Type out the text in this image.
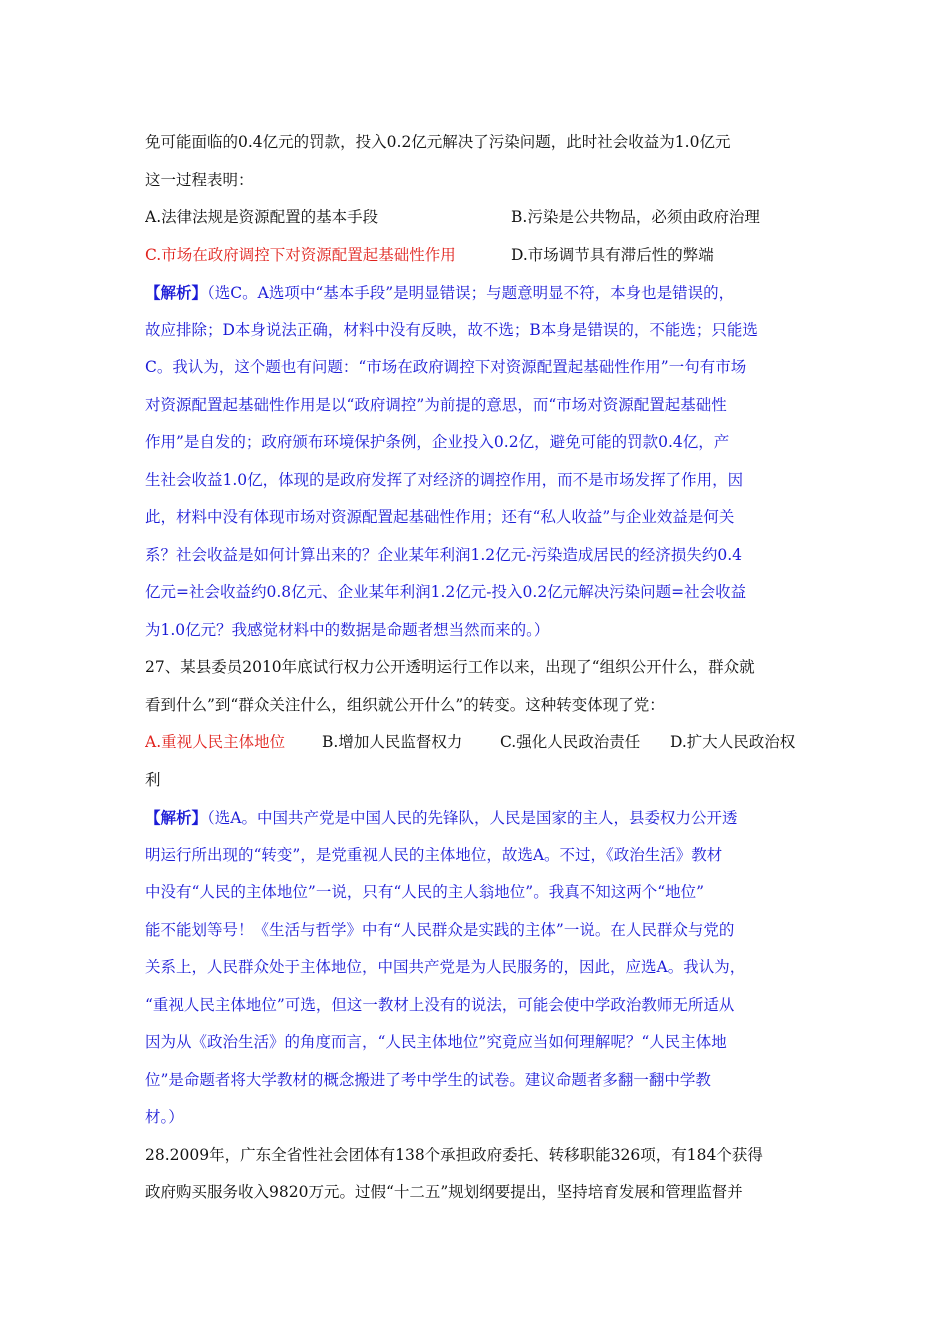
免可能面临的0.4亿元的罚款，投入0.2亿元解决了污染问题，此时社会收益为1.0亿元
这一过程表明：
A.法律法规是资源配置的基本手段	B.污染是公共物品，必须由政府治理
C.市场在政府调控下对资源配置起基础性作用	D.市场调节具有滞后性的弊端
【解析】（选C。A选项中“基本手段”是明显错误；与题意明显不符，本身也是错误的，
故应排除；D本身说法正确，材料中没有反映，故不选；B本身是错误的，不能选；只能选
C。我认为，这个题也有问题：“市场在政府调控下对资源配置起基础性作用”一句有市场
对资源配置起基础性作用是以“政府调控”为前提的意思，而“市场对资源配置起基础性
作用”是自发的；政府颁布环境保护条例，企业投入0.2亿，避免可能的罚款0.4亿，产
生社会收益1.0亿，体现的是政府发挥了对经济的调控作用，而不是市场发挥了作用，因
此，材料中没有体现市场对资源配置起基础性作用；还有“私人收益”与企业效益是何关
系？社会收益是如何计算出来的？企业某年利润1.2亿元-污染造成居民的经济损失约0.4
亿元=社会收益约0.8亿元、企业某年利润1.2亿元-投入0.2亿元解决污染问题=社会收益
为1.0亿元？我感觉材料中的数据是命题者想当然而来的。）
27、某县委员2010年底试行权力公开透明运行工作以来，出现了“组织公开什么，群众就
看到什么”到“群众关注什么，组织就公开什么”的转变。这种转变体现了党：
A.重视人民主体地位 B.增加人民监督权力 C.强化人民政治责任 D.扩大人民政治权
利
【解析】（选A。中国共产党是中国人民的先锋队，人民是国家的主人，县委权力公开透
明运行所出现的“转变”，是党重视人民的主体地位，故选A。不过，《政治生活》教材
中没有“人民的主体地位”一说，只有“人民的主人翁地位”。我真不知这两个“地位”
能不能划等号！《生活与哲学》中有“人民群众是实践的主体”一说。在人民群众与党的
关系上，人民群众处于主体地位，中国共产党是为人民服务的，因此，应选A。我认为，
“重视人民主体地位”可选，但这一教材上没有的说法，可能会使中学政治教师无所适从
因为从《政治生活》的角度而言，“人民主体地位”究竟应当如何理解呢？“人民主体地
位”是命题者将大学教材的概念搬进了考中学生的试卷。建议命题者多翻一翻中学教
材。）
28.2009年，广东全省性社会团体有138个承担政府委托、转移职能326项，有184个获得
政府购买服务收入9820万元。过假“十二五”规划纲要提出，坚持培育发展和管理监督并
